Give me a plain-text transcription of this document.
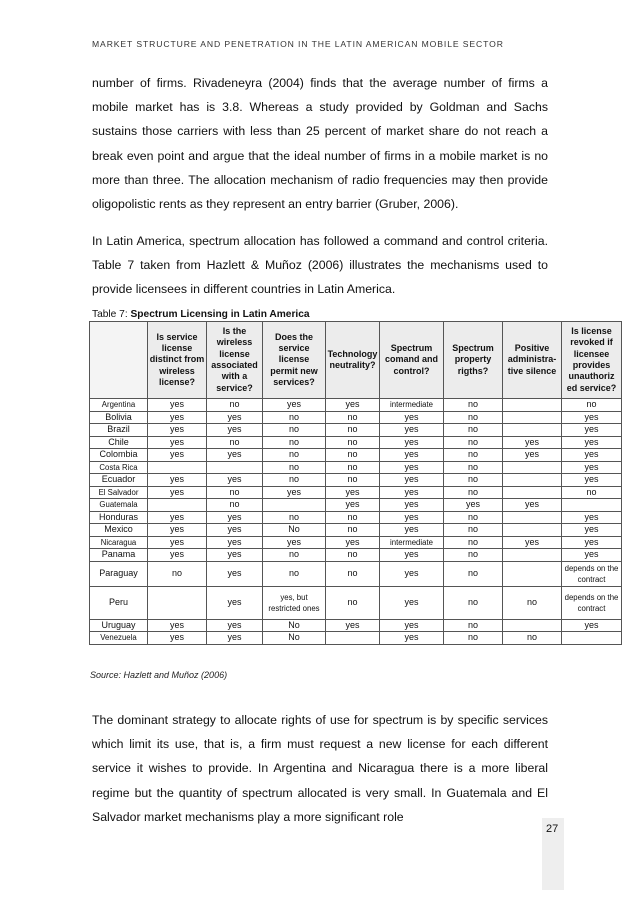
MARKET STRUCTURE AND PENETRATION IN THE LATIN AMERICAN MOBILE SECTOR

number of firms. Rivadeneyra (2004) finds that the average number of firms a mobile market has is 3.8. Whereas a study provided by Goldman and Sachs sustains those carriers with less than 25 percent of market share do not reach a break even point and argue that the ideal number of firms in a mobile market is no more than three. The allocation mechanism of radio frequencies may then provide oligopolistic rents as they represent an entry barrier (Gruber, 2006).

In Latin America, spectrum allocation has followed a command and control criteria. Table 7 taken from Hazlett & Muñoz (2006) illustrates the mechanisms used to provide licensees in different countries in Latin America.

Table 7: Spectrum Licensing in Latin America
	Is service license distinct from wireless license?	Is the wireless license associated with a service?	Does the service license permit new services?	Technology neutrality?	Spectrum comand and control?	Spectrum property rigths?	Positive administra-tive silence	Is license revoked if licensee provides unauthoriz ed service?
Argentina	yes	no	yes	yes	intermediate	no		no
Bolivia	yes	yes	no	no	yes	no		yes
Brazil	yes	yes	no	no	yes	no		yes
Chile	yes	no	no	no	yes	no	yes	yes
Colombia	yes	yes	no	no	yes	no	yes	yes
Costa Rica			no	no	yes	no		yes
Ecuador	yes	yes	no	no	yes	no		yes
El Salvador	yes	no	yes	yes	yes	no		no
Guatemala		no		yes	yes	yes	yes	
Honduras	yes	yes	no	no	yes	no		yes
Mexico	yes	yes	No	no	yes	no		yes
Nicaragua	yes	yes	yes	yes	intermediate	no	yes	yes
Panama	yes	yes	no	no	yes	no		yes
Paraguay	no	yes	no	no	yes	no		depends on the contract
Peru		yes	yes, but restricted ones	no	yes	no	no	depends on the contract
Uruguay	yes	yes	No	yes	yes	no		yes
Venezuela	yes	yes	No		yes	no	no	
Source: Hazlett and Muñoz (2006)

The dominant strategy to allocate rights of use for spectrum is by specific services which limit its use, that is, a firm must request a new license for each different service it wishes to provide. In Argentina and Nicaragua there is a more liberal regime but the quantity of spectrum allocated is very small. In Guatemala and El Salvador market mechanisms play a more significant role

27
